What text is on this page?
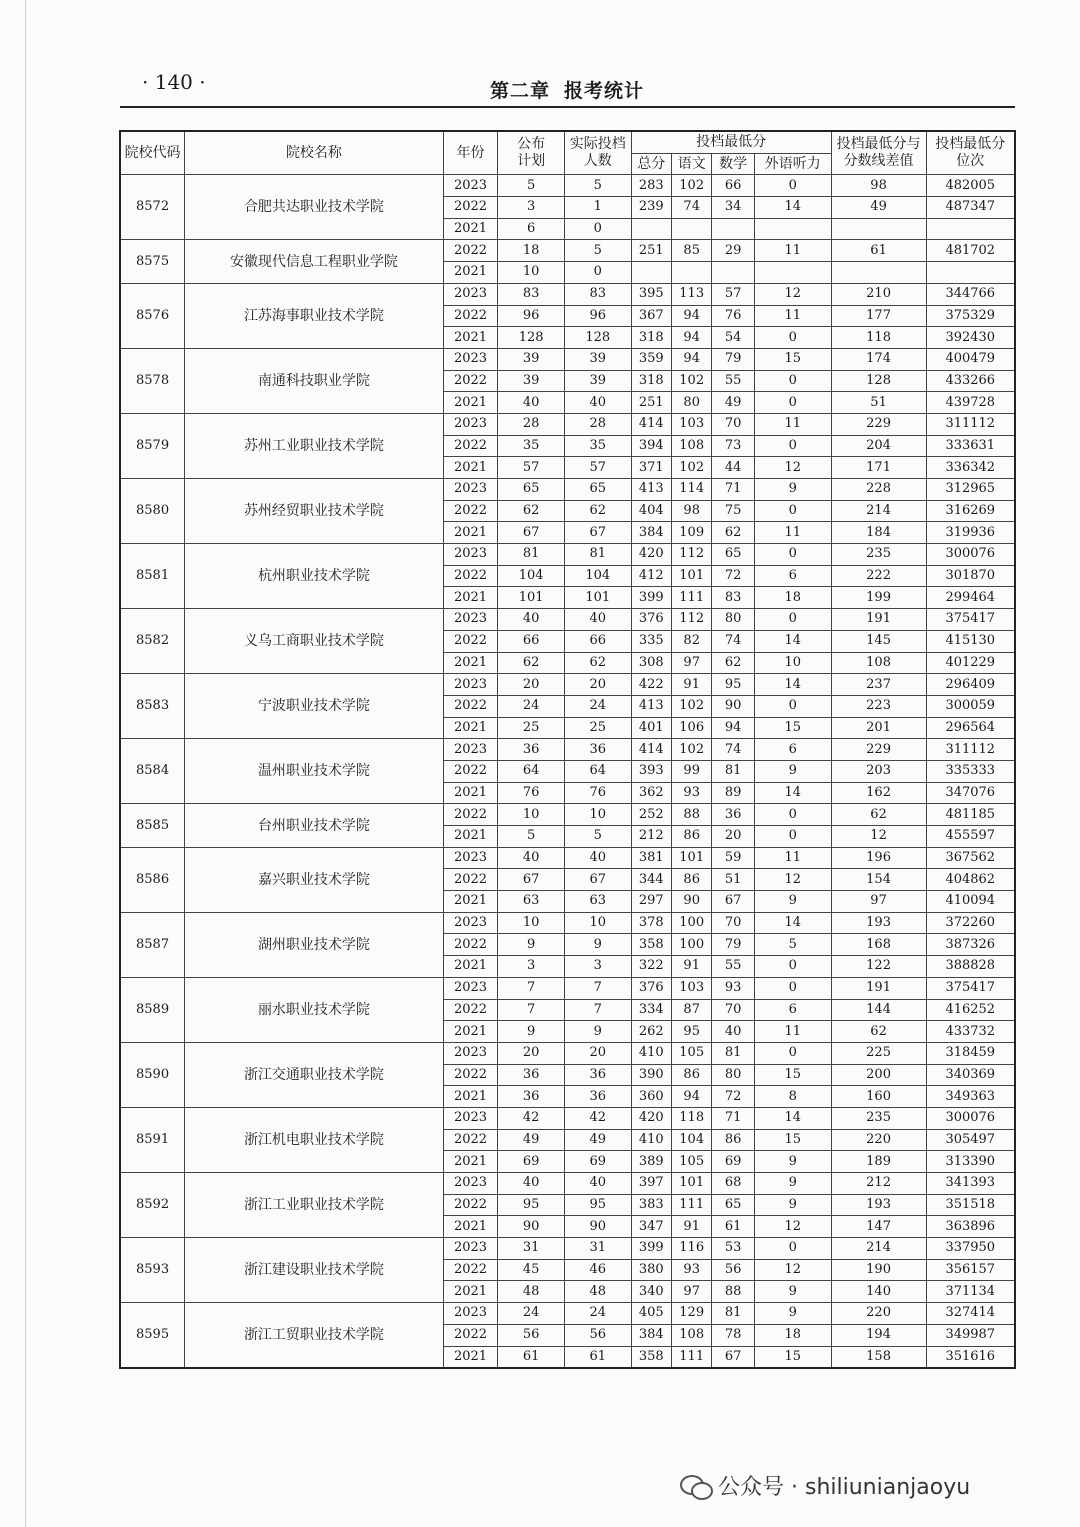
· 140 ·	第二章 报考统计
院校代码	院校名称	年份	公布计划	实际投档人数	投档最低分				投档最低分与分数线差值	投档最低分位次
					总分	语文	数学	外语听力		
8572	合肥共达职业技术学院	2023	5	5	283	102	66	0	98	482005
		2022	3	1	239	74	34	14	49	487347
		2021	6	0						
8575	安徽现代信息工程职业学院	2022	18	5	251	85	29	11	61	481702
		2021	10	0						
8576	江苏海事职业技术学院	2023	83	83	395	113	57	12	210	344766
		2022	96	96	367	94	76	11	177	375329
		2021	128	128	318	94	54	0	118	392430
8578	南通科技职业学院	2023	39	39	359	94	79	15	174	400479
		2022	39	39	318	102	55	0	128	433266
		2021	40	40	251	80	49	0	51	439728
8579	苏州工业职业技术学院	2023	28	28	414	103	70	11	229	311112
		2022	35	35	394	108	73	0	204	333631
		2021	57	57	371	102	44	12	171	336342
8580	苏州经贸职业技术学院	2023	65	65	413	114	71	9	228	312965
		2022	62	62	404	98	75	0	214	316269
		2021	67	67	384	109	62	11	184	319936
8581	杭州职业技术学院	2023	81	81	420	112	65	0	235	300076
		2022	104	104	412	101	72	6	222	301870
		2021	101	101	399	111	83	18	199	299464
8582	义乌工商职业技术学院	2023	40	40	376	112	80	0	191	375417
		2022	66	66	335	82	74	14	145	415130
		2021	62	62	308	97	62	10	108	401229
8583	宁波职业技术学院	2023	20	20	422	91	95	14	237	296409
		2022	24	24	413	102	90	0	223	300059
		2021	25	25	401	106	94	15	201	296564
8584	温州职业技术学院	2023	36	36	414	102	74	6	229	311112
		2022	64	64	393	99	81	9	203	335333
		2021	76	76	362	93	89	14	162	347076
8585	台州职业技术学院	2022	10	10	252	88	36	0	62	481185
		2021	5	5	212	86	20	0	12	455597
8586	嘉兴职业技术学院	2023	40	40	381	101	59	11	196	367562
		2022	67	67	344	86	51	12	154	404862
		2021	63	63	297	90	67	9	97	410094
8587	湖州职业技术学院	2023	10	10	378	100	70	14	193	372260
		2022	9	9	358	100	79	5	168	387326
		2021	3	3	322	91	55	0	122	388828
8589	丽水职业技术学院	2023	7	7	376	103	93	0	191	375417
		2022	7	7	334	87	70	6	144	416252
		2021	9	9	262	95	40	11	62	433732
8590	浙江交通职业技术学院	2023	20	20	410	105	81	0	225	318459
		2022	36	36	390	86	80	15	200	340369
		2021	36	36	360	94	72	8	160	349363
8591	浙江机电职业技术学院	2023	42	42	420	118	71	14	235	300076
		2022	49	49	410	104	86	15	220	305497
		2021	69	69	389	105	69	9	189	313390
8592	浙江工业职业技术学院	2023	40	40	397	101	68	9	212	341393
		2022	95	95	383	111	65	9	193	351518
		2021	90	90	347	91	61	12	147	363896
8593	浙江建设职业技术学院	2023	31	31	399	116	53	0	214	337950
		2022	45	46	380	93	56	12	190	356157
		2021	48	48	340	97	88	9	140	371134
8595	浙江工贸职业技术学院	2023	24	24	405	129	81	9	220	327414
		2022	56	56	384	108	78	18	194	349987
		2021	61	61	358	111	67	15	158	351616
公众号 · shiliunianjaoyu
